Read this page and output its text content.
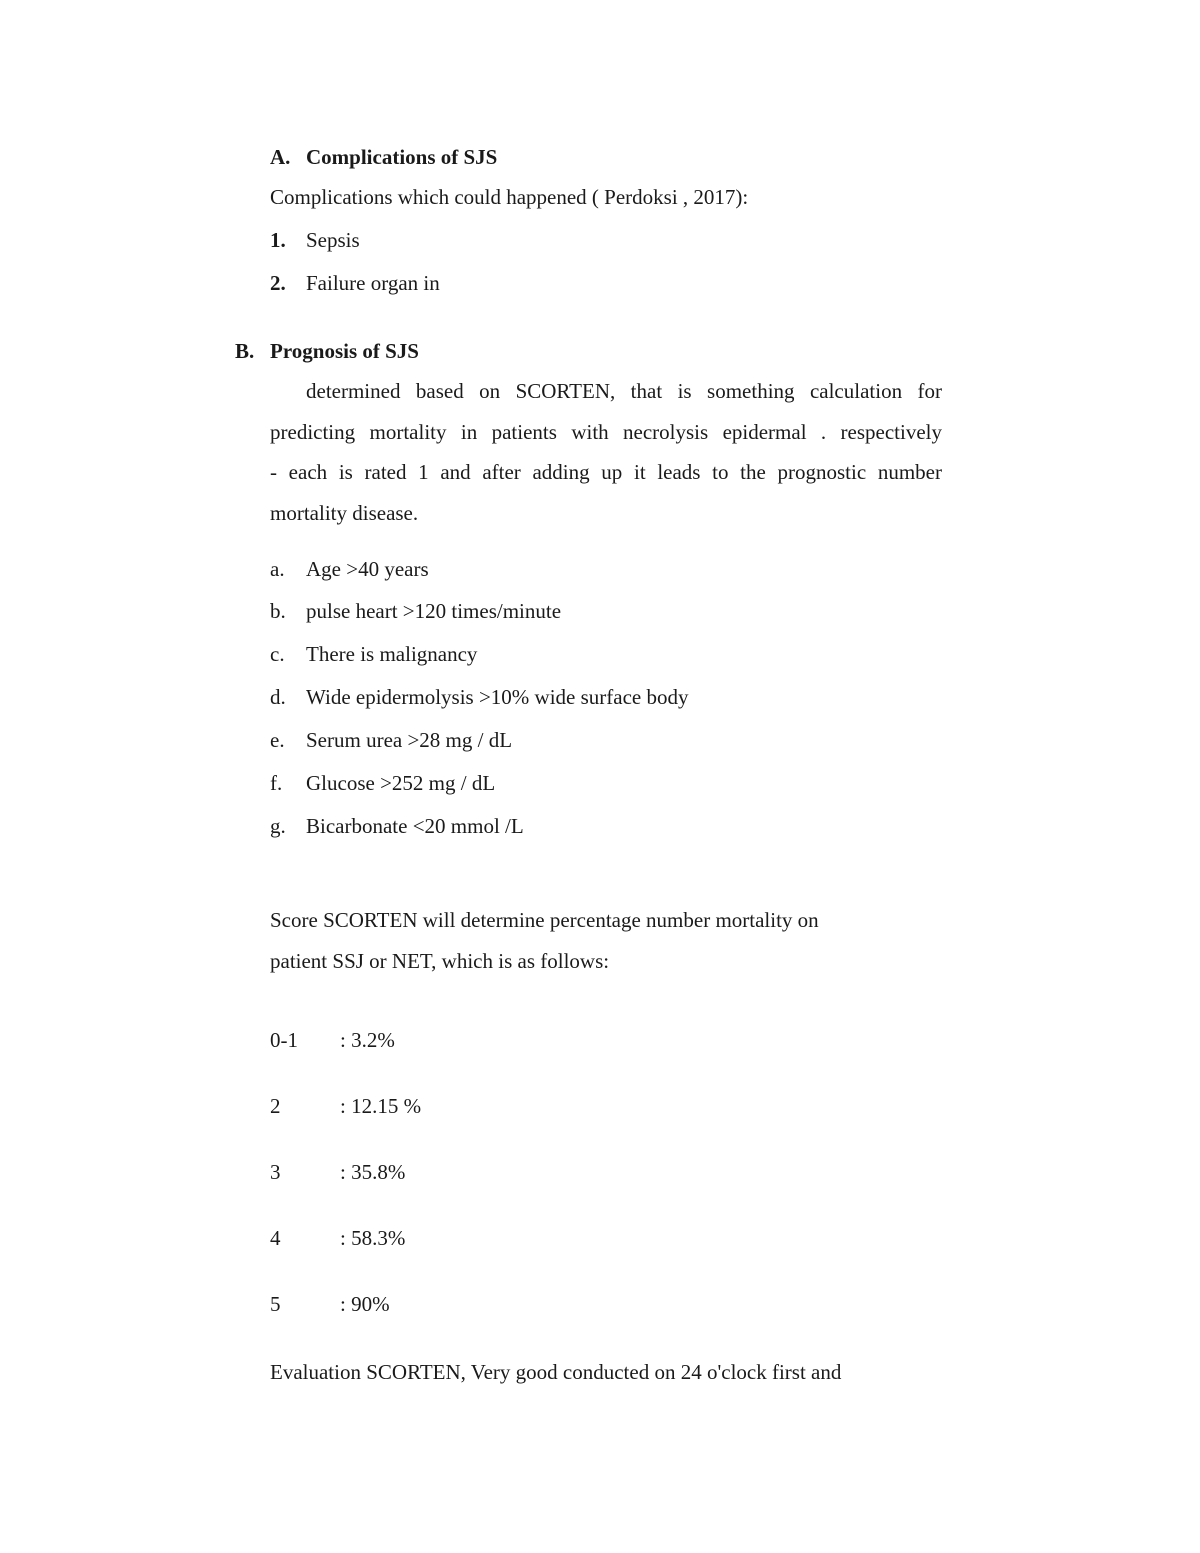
A. Complications of SJS
Complications which could happened ( Perdoksi , 2017):
1. Sepsis
2. Failure organ in
B. Prognosis of SJS
determined based on SCORTEN, that is something calculation for
predicting mortality in patients with necrolysis epidermal . respectively
- each is rated 1 and after adding up it leads to the prognostic number
mortality disease.
a. Age >40 years
b. pulse heart >120 times/minute
c. There is malignancy
d. Wide epidermolysis >10% wide surface body
e. Serum urea >28 mg / dL
f. Glucose >252 mg / dL
g. Bicarbonate <20 mmol /L
Score SCORTEN will determine percentage number mortality on
patient SSJ or NET, which is as follows:
0-1 : 3.2%
2	: 12.15 %
3	: 35.8%
4	: 58.3%
5	: 90%
Evaluation SCORTEN, Very good conducted on 24 o'clock first and
